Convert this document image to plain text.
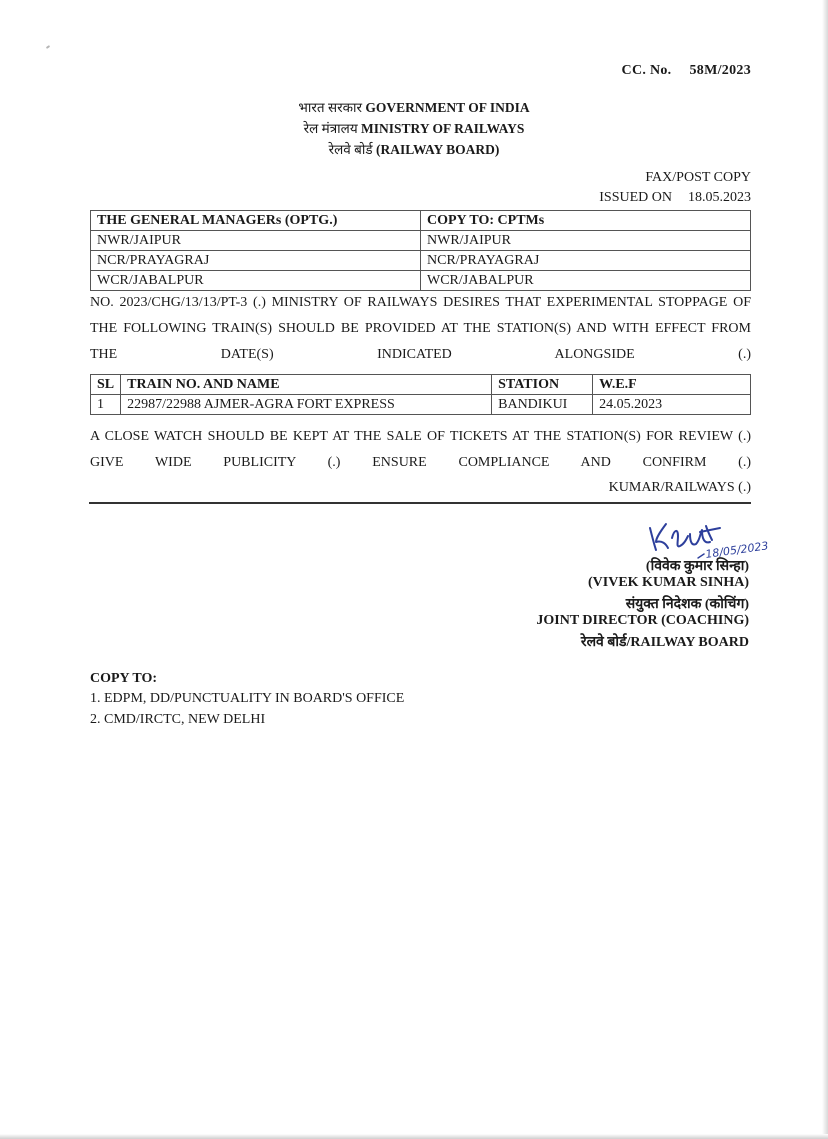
CC. No. 58M/2023
भारत सरकार GOVERNMENT OF INDIA
रेल मंत्रालय MINISTRY OF RAILWAYS
रेलवे बोर्ड (RAILWAY BOARD)
FAX/POST COPY
ISSUED ON 18.05.2023
THE GENERAL MANAGERs (OPTG.)	COPY TO: CPTMs
NWR/JAIPUR	NWR/JAIPUR
NCR/PRAYAGRAJ	NCR/PRAYAGRAJ
WCR/JABALPUR	WCR/JABALPUR
NO. 2023/CHG/13/13/PT-3 (.) MINISTRY OF RAILWAYS DESIRES THAT EXPERIMENTAL STOPPAGE OF THE FOLLOWING TRAIN(S) SHOULD BE PROVIDED AT THE STATION(S) AND WITH EFFECT FROM THE DATE(S) INDICATED ALONGSIDE (.)
SL	TRAIN NO. AND NAME	STATION	W.E.F
1	22987/22988 AJMER-AGRA FORT EXPRESS	BANDIKUI	24.05.2023
A CLOSE WATCH SHOULD BE KEPT AT THE SALE OF TICKETS AT THE STATION(S) FOR REVIEW (.) GIVE WIDE PUBLICITY (.) ENSURE COMPLIANCE AND CONFIRM (.)
KUMAR/RAILWAYS (.)
18/05/2023
(विवेक कुमार सिन्हा)
(VIVEK KUMAR SINHA)
संयुक्त निदेशक (कोचिंग)
JOINT DIRECTOR (COACHING)
रेलवे बोर्ड/RAILWAY BOARD
COPY TO:
1. EDPM, DD/PUNCTUALITY IN BOARD'S OFFICE
2. CMD/IRCTC, NEW DELHI
